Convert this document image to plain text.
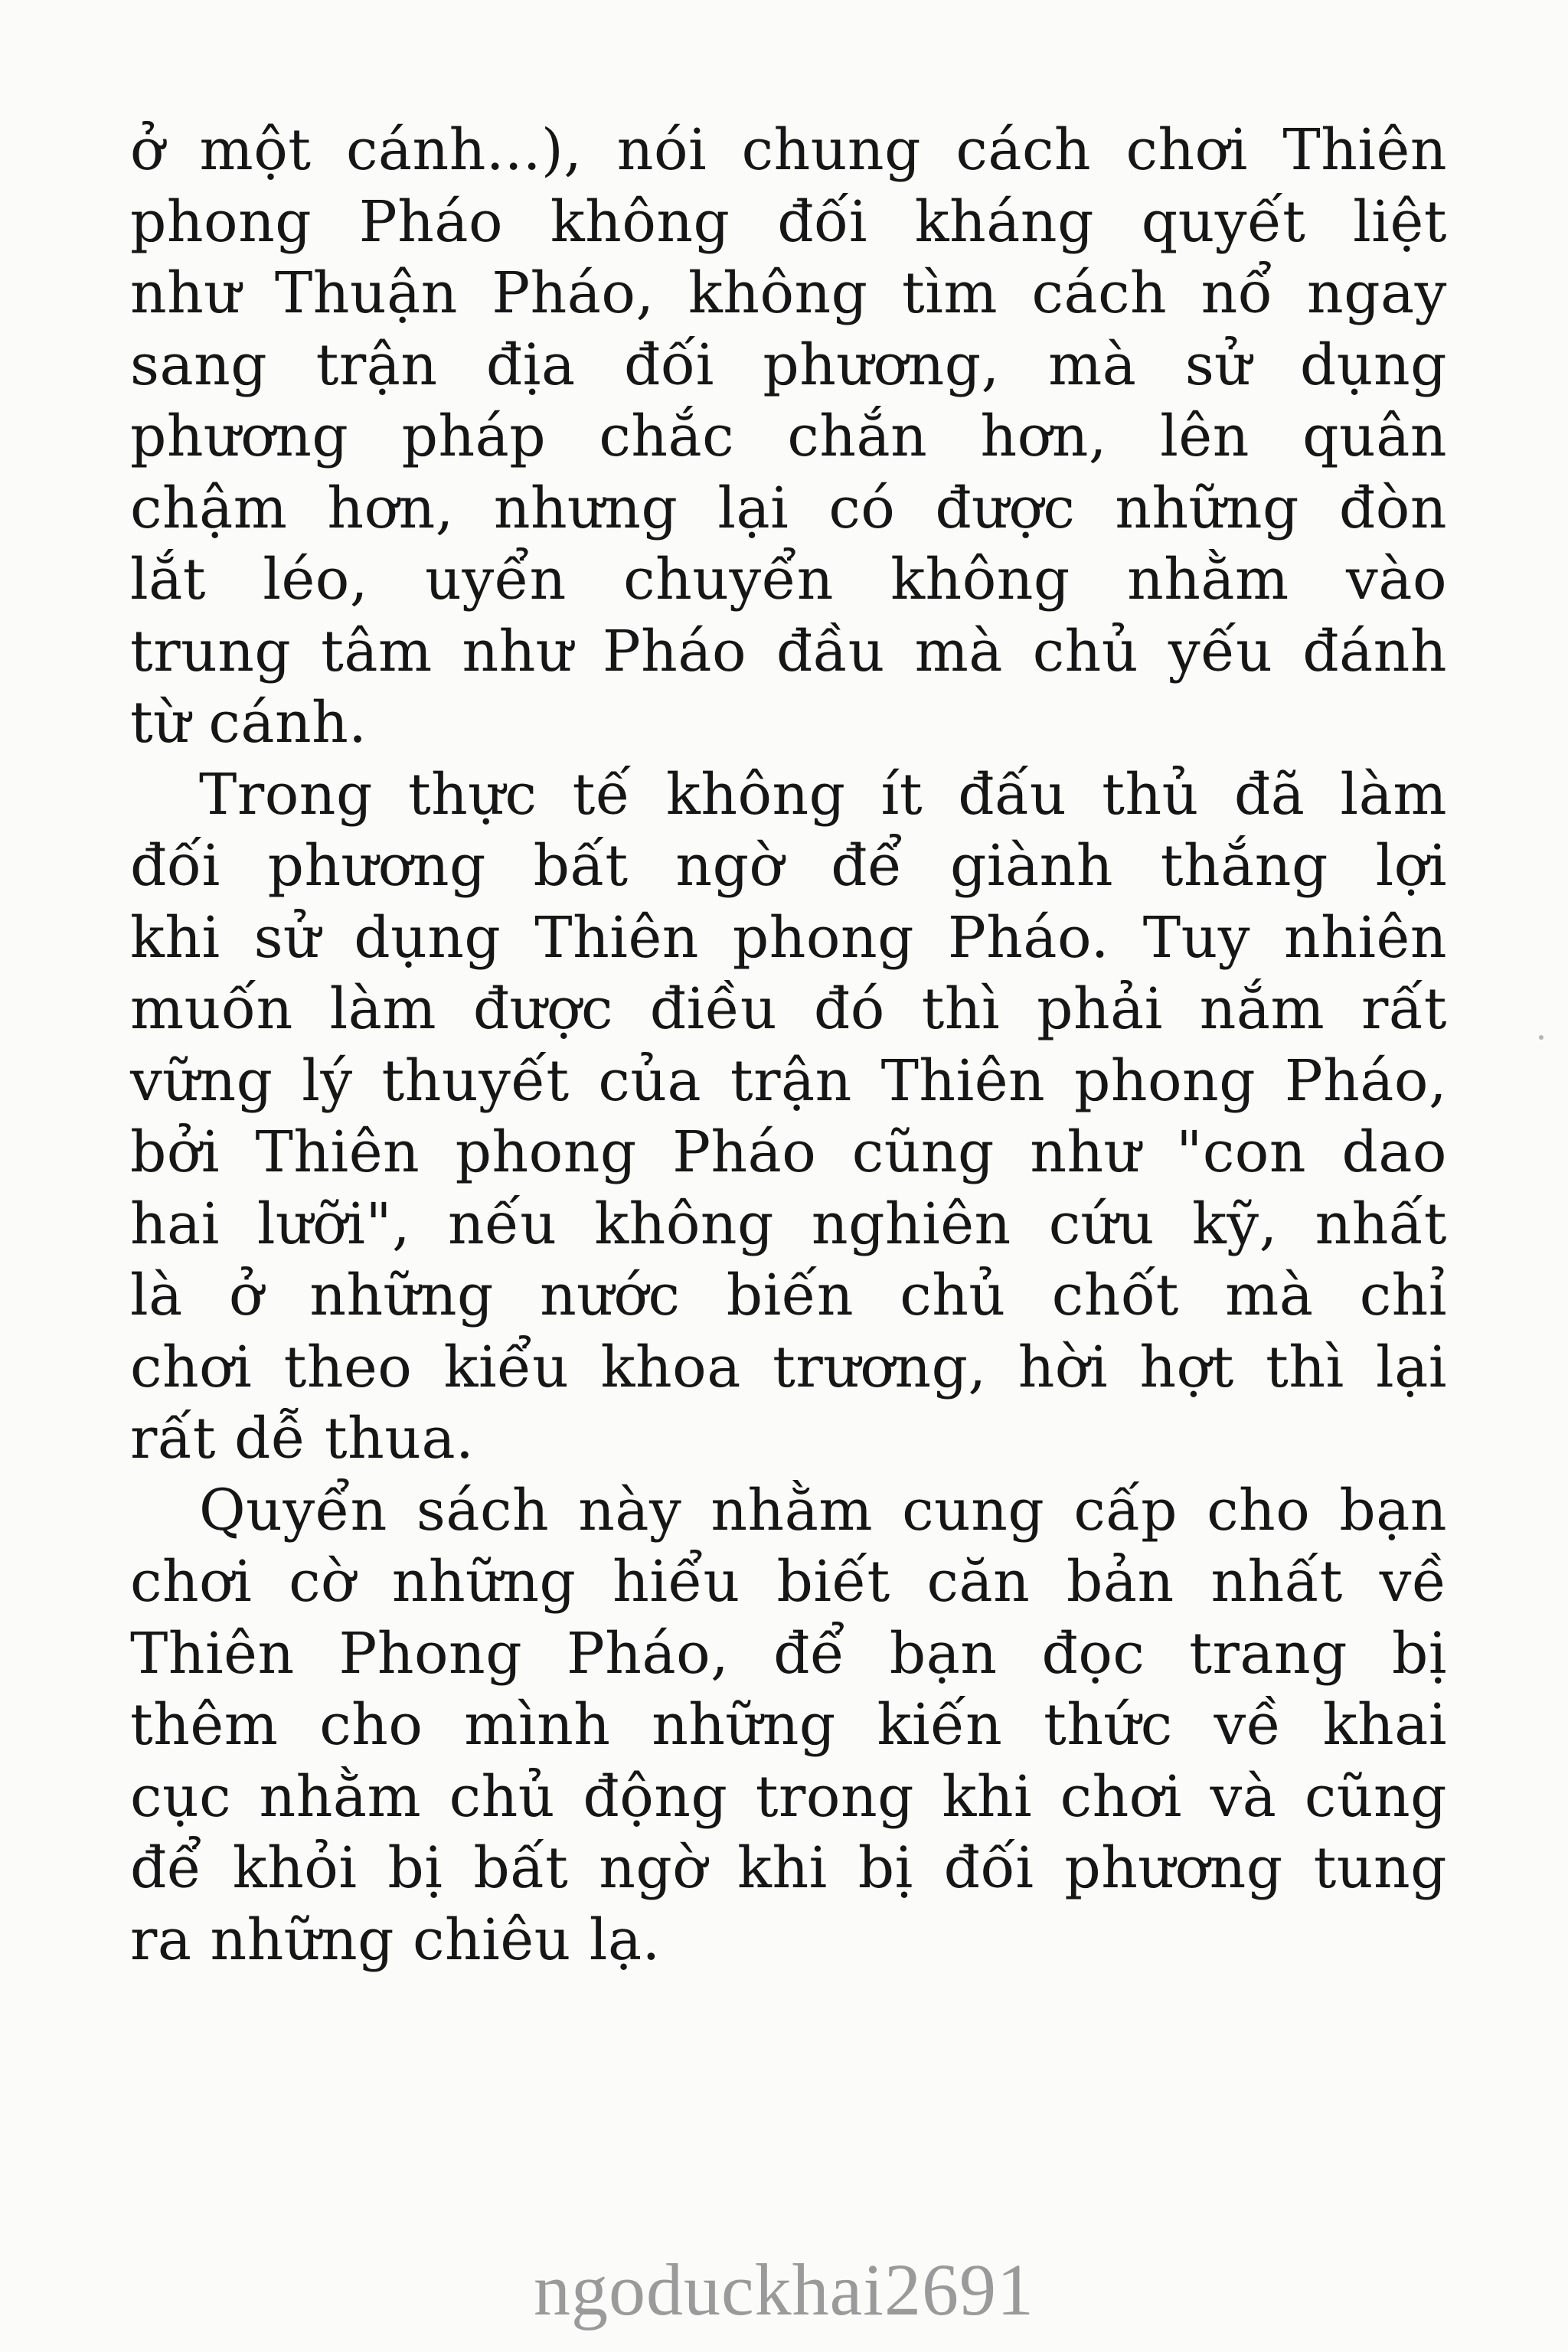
ở một cánh...), nói chung cách chơi Thiên
phong Pháo không đối kháng quyết liệt
như Thuận Pháo, không tìm cách nổ ngay
sang trận địa đối phương, mà sử dụng
phương pháp chắc chắn hơn, lên quân
chậm hơn, nhưng lại có được những đòn
lắt léo, uyển chuyển không nhằm vào
trung tâm như Pháo đầu mà chủ yếu đánh
từ cánh.

Trong thực tế không ít đấu thủ đã làm
đối phương bất ngờ để giành thắng lợi
khi sử dụng Thiên phong Pháo. Tuy nhiên
muốn làm được điều đó thì phải nắm rất
vững lý thuyết của trận Thiên phong Pháo,
bởi Thiên phong Pháo cũng như "con dao
hai lưỡi", nếu không nghiên cứu kỹ, nhất
là ở những nước biến chủ chốt mà chỉ
chơi theo kiểu khoa trương, hời hợt thì lại
rất dễ thua.

Quyển sách này nhằm cung cấp cho bạn
chơi cờ những hiểu biết căn bản nhất về
Thiên Phong Pháo, để bạn đọc trang bị
thêm cho mình những kiến thức về khai
cục nhằm chủ động trong khi chơi và cũng
để khỏi bị bất ngờ khi bị đối phương tung
ra những chiêu lạ.

ngoduckhai2691
